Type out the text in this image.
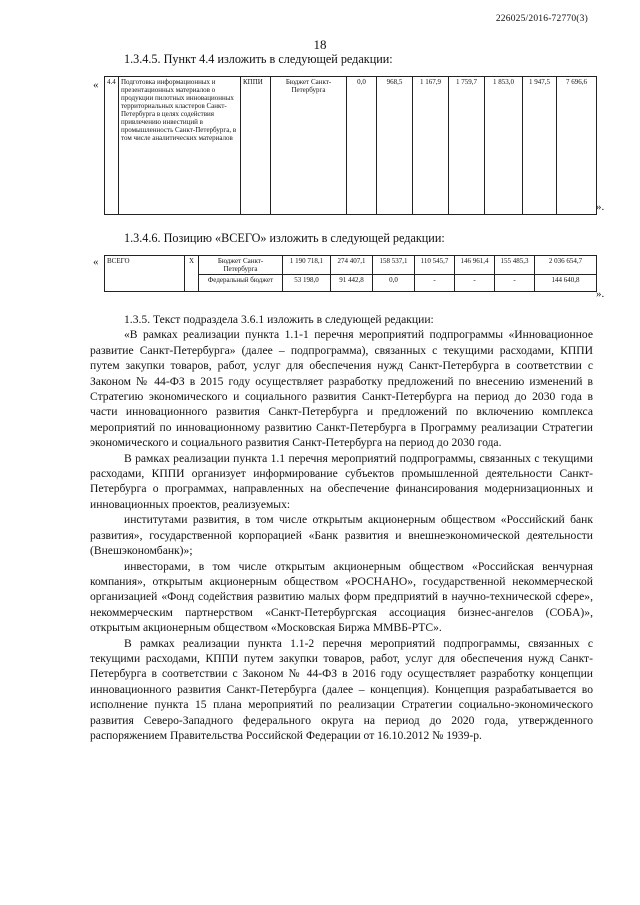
226025/2016-72770(3)
18
1.3.4.5. Пункт 4.4 изложить в следующей редакции:
« 4.4	Подготовка информационных и презентационных материалов о продукции пилотных инновационных территориальных кластеров Санкт-Петербурга в целях содействия привлечению инвестиций в промышленность Санкт-Петербурга, в том числе аналитических материалов	КППИ	Бюджет Санкт-Петербурга	0,0	968,5	1 167,9	1 759,7	1 853,0	1 947,5	7 696,6
».
1.3.4.6. Позицию «ВСЕГО» изложить в следующей редакции:
« ВСЕГО	X	Бюджет Санкт-Петербурга	1 190 718,1	274 407,1	158 537,1	110 545,7	146 961,4	155 485,3	2 036 654,7
		Федеральный бюджет	53 198,0	91 442,8	0,0	-	-	-	144 640,8
».

1.3.5. Текст подраздела 3.6.1 изложить в следующей редакции:

«В рамках реализации пункта 1.1-1 перечня мероприятий подпрограммы «Инновационное развитие Санкт-Петербурга» (далее – подпрограмма), связанных с текущими расходами, КППИ путем закупки товаров, работ, услуг для обеспечения нужд Санкт-Петербурга в соответствии с Законом № 44-ФЗ в 2015 году осуществляет разработку предложений по внесению изменений в Стратегию экономического и социального развития Санкт-Петербурга на период до 2030 года в части инновационного развития Санкт-Петербурга и предложений по включению комплекса мероприятий по инновационному развитию Санкт-Петербурга в Программу реализации Стратегии экономического и социального развития Санкт-Петербурга на период до 2030 года.

В рамках реализации пункта 1.1 перечня мероприятий подпрограммы, связанных с текущими расходами, КППИ организует информирование субъектов промышленной деятельности Санкт-Петербурга о программах, направленных на обеспечение финансирования модернизационных и инновационных проектов, реализуемых:

институтами развития, в том числе открытым акционерным обществом «Российский банк развития», государственной корпорацией «Банк развития и внешнеэкономической деятельности (Внешэкономбанк)»;

инвесторами, в том числе открытым акционерным обществом «Российская венчурная компания», открытым акционерным обществом «РОСНАНО», государственной некоммерческой организацией «Фонд содействия развитию малых форм предприятий в научно-технической сфере», некоммерческим партнерством «Санкт-Петербургская ассоциация бизнес-ангелов (СОБА)», открытым акционерным обществом «Московская Биржа ММВБ-РТС».

В рамках реализации пункта 1.1-2 перечня мероприятий подпрограммы, связанных с текущими расходами, КППИ путем закупки товаров, работ, услуг для обеспечения нужд Санкт-Петербурга в соответствии с Законом № 44-ФЗ в 2016 году осуществляет разработку концепции инновационного развития Санкт-Петербурга (далее – концепция). Концепция разрабатывается во исполнение пункта 15 плана мероприятий по реализации Стратегии социально-экономического развития Северо-Западного федерального округа на период до 2020 года, утвержденного распоряжением Правительства Российской Федерации от 16.10.2012 № 1939-р.
